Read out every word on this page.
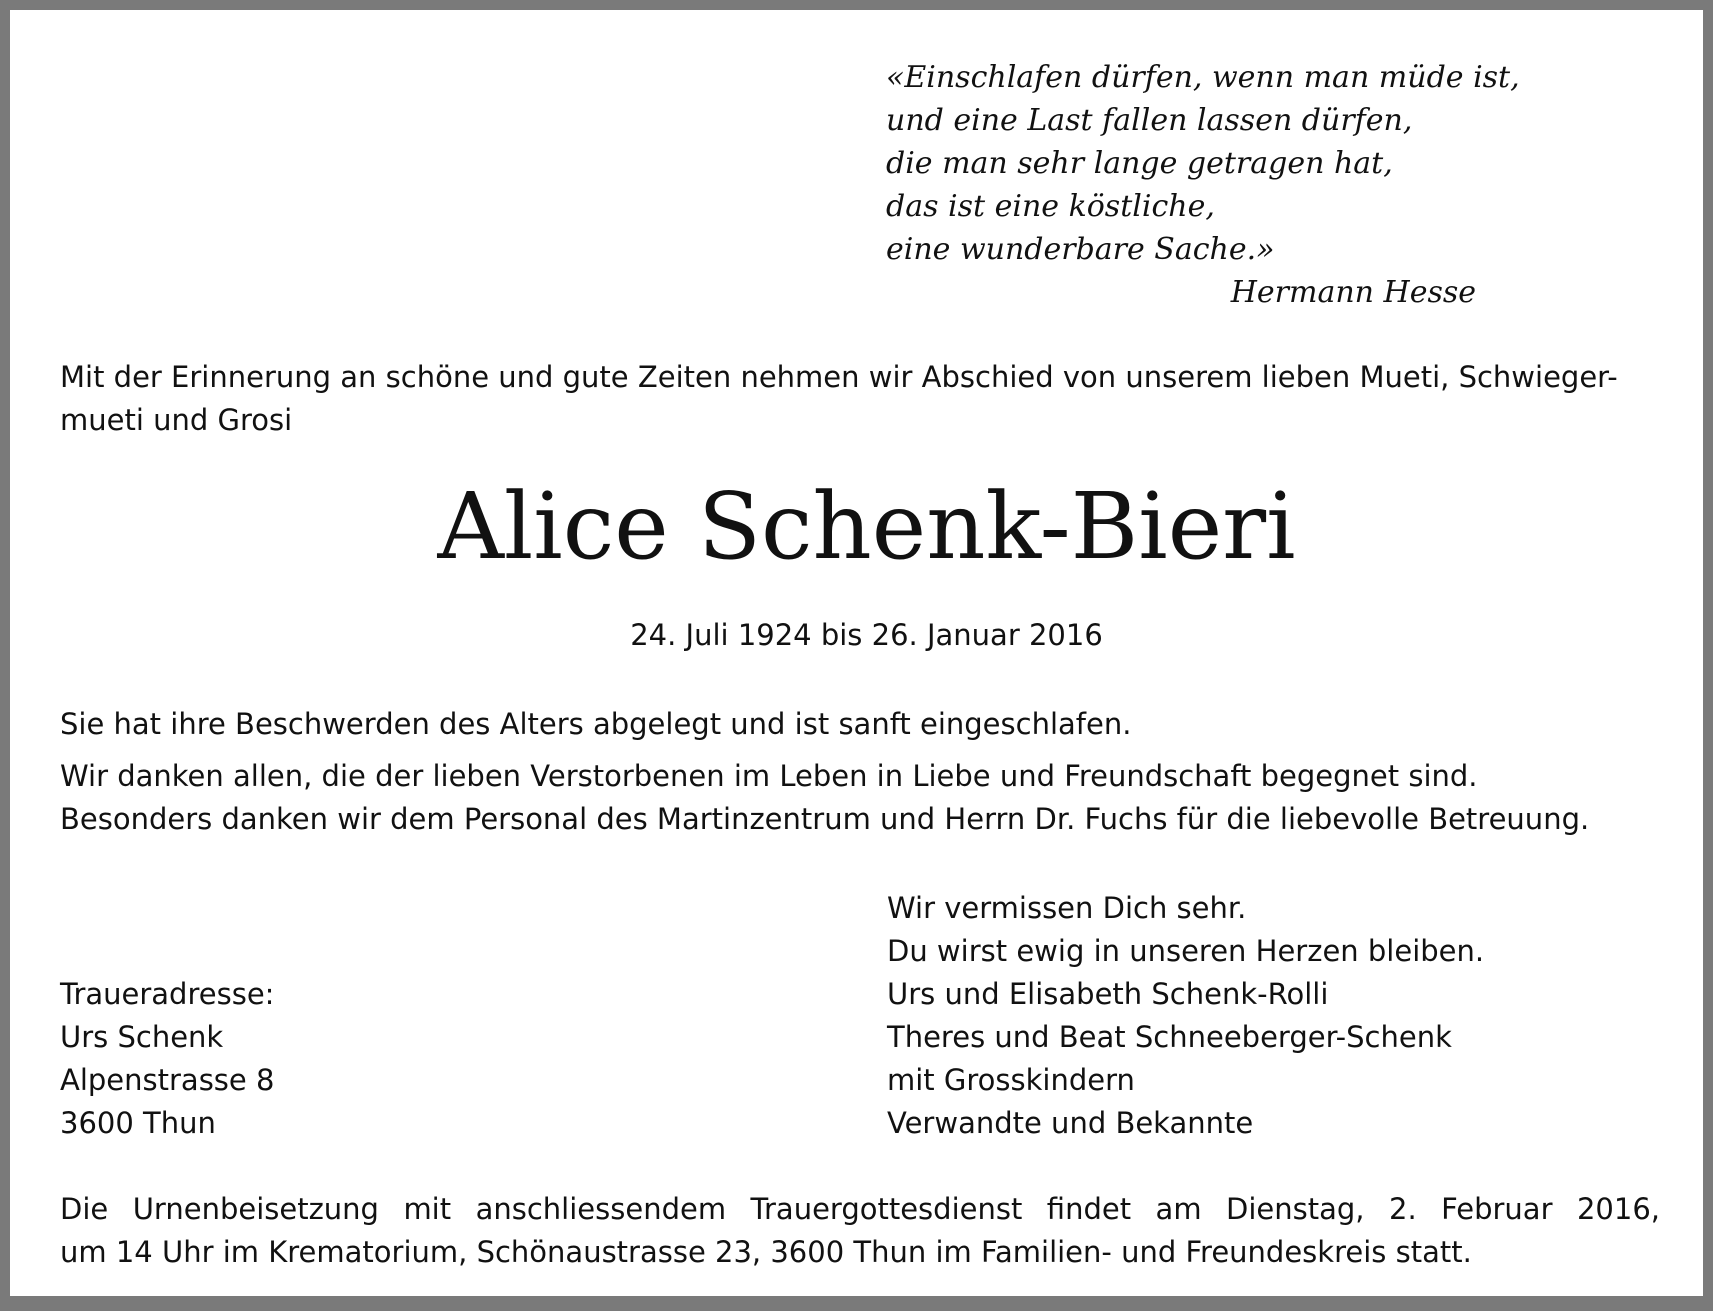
«Einschlafen dürfen, wenn man müde ist,
und eine Last fallen lassen dürfen,
die man sehr lange getragen hat,
das ist eine köstliche,
eine wunderbare Sache.»
Hermann Hesse
Mit der Erinnerung an schöne und gute Zeiten nehmen wir Abschied von unserem lieben Mueti, Schwieger-
mueti und Grosi
Alice Schenk-Bieri
24. Juli 1924 bis 26. Januar 2016
Sie hat ihre Beschwerden des Alters abgelegt und ist sanft eingeschlafen.
Wir danken allen, die der lieben Verstorbenen im Leben in Liebe und Freundschaft begegnet sind.
Besonders danken wir dem Personal des Martinzentrum und Herrn Dr. Fuchs für die liebevolle Betreuung.
Traueradresse:
Urs Schenk
Alpenstrasse 8
3600 Thun
Wir vermissen Dich sehr.
Du wirst ewig in unseren Herzen bleiben.
Urs und Elisabeth Schenk-Rolli
Theres und Beat Schneeberger-Schenk
mit Grosskindern
Verwandte und Bekannte
Die Urnenbeisetzung mit anschliessendem Trauergottesdienst findet am Dienstag, 2. Februar 2016,
um 14 Uhr im Krematorium, Schönaustrasse 23, 3600 Thun im Familien- und Freundeskreis statt.
